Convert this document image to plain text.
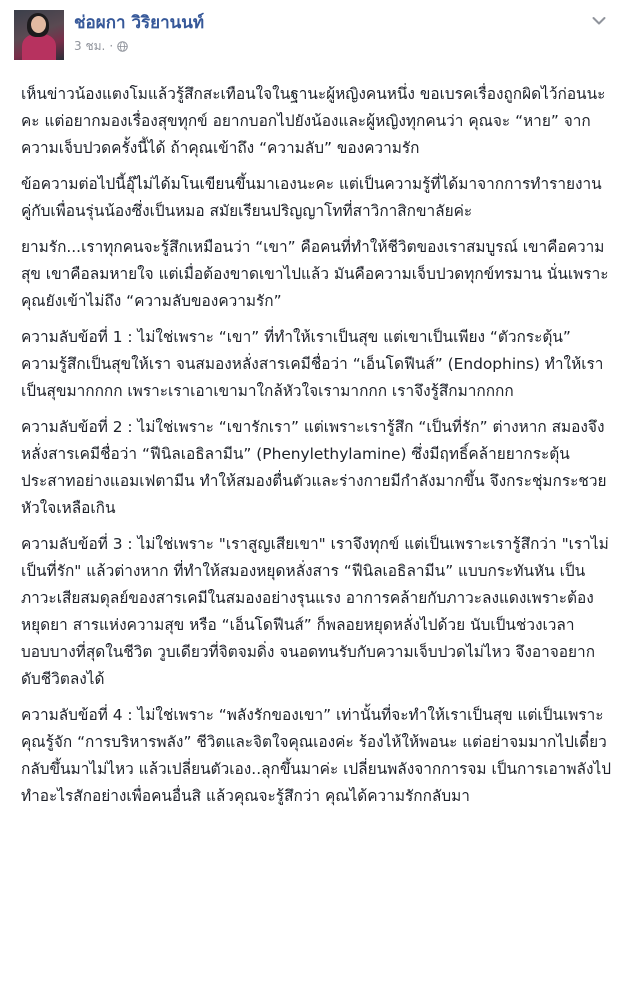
ช่อผกา วิริยานนท์
3 ชม. ·

เห็นข่าวน้องแตงโมแล้วรู้สึกสะเทือนใจในฐานะผู้หญิงคนหนึ่ง ขอเบรคเรื่องถูกผิดไว้ก่อนนะคะ แต่อยากมองเรื่องสุขทุกข์ อยากบอกไปยังน้องและผู้หญิงทุกคนว่า คุณจะ “หาย” จากความเจ็บปวดครั้งนี้ได้ ถ้าคุณเข้าถึง “ความลับ” ของความรัก

ข้อความต่อไปนี้อุ๊ไม่ได้มโนเขียนขึ้นมาเองนะคะ แต่เป็นความรู้ที่ได้มาจากการทำรายงานคู่กับเพื่อนรุ่นน้องซึ่งเป็นหมอ สมัยเรียนปริญญาโทที่สาวิกาสิกขาลัยค่ะ

ยามรัก...เราทุกคนจะรู้สึกเหมือนว่า “เขา” คือคนที่ทำให้ชีวิตของเราสมบูรณ์ เขาคือความสุข เขาคือลมหายใจ แต่เมื่อต้องขาดเขาไปแล้ว มันคือความเจ็บปวดทุกข์ทรมาน นั่นเพราะคุณยังเข้าไม่ถึง “ความลับของความรัก”

ความลับข้อที่ 1 : ไม่ใช่เพราะ “เขา” ที่ทำให้เราเป็นสุข แต่เขาเป็นเพียง “ตัวกระตุ้น” ความรู้สึกเป็นสุขให้เรา จนสมองหลั่งสารเคมีชื่อว่า “เอ็นโดฟีนส์” (Endophins) ทำให้เราเป็นสุขมากกกก เพราะเราเอาเขามาใกล้หัวใจเรามากกก เราจึงรู้สึกมากกกก

ความลับข้อที่ 2 : ไม่ใช่เพราะ “เขารักเรา” แต่เพราะเรารู้สึก “เป็นที่รัก” ต่างหาก สมองจึงหลั่งสารเคมีชื่อว่า “ฟีนิลเอธิลามีน” (Phenylethylamine) ซึ่งมีฤทธิ์คล้ายยากระตุ้นประสาทอย่างแอมเฟตามีน ทำให้สมองตื่นตัวและร่างกายมีกำลังมากขึ้น จึงกระชุ่มกระชวยหัวใจเหลือเกิน

ความลับข้อที่ 3 : ไม่ใช่เพราะ "เราสูญเสียเขา" เราจึงทุกข์ แต่เป็นเพราะเรารู้สึกว่า "เราไม่เป็นที่รัก" แล้วต่างหาก ที่ทำให้สมองหยุดหลั่งสาร “ฟีนิลเอธิลามีน” แบบกระทันหัน เป็นภาวะเสียสมดุลย์ของสารเคมีในสมองอย่างรุนแรง อาการคล้ายกับภาวะลงแดงเพราะต้องหยุดยา สารแห่งความสุข หรือ “เอ็นโดฟีนส์” ก็พลอยหยุดหลั่งไปด้วย นับเป็นช่วงเวลาบอบบางที่สุดในชีวิต วูบเดียวที่จิตจมดิ่ง จนอดทนรับกับความเจ็บปวดไม่ไหว จึงอาจอยากดับชีวิตลงได้

ความลับข้อที่ 4 : ไม่ใช่เพราะ “พลังรักของเขา” เท่านั้นที่จะทำให้เราเป็นสุข แต่เป็นเพราะคุณรู้จัก “การบริหารพลัง” ชีวิตและจิตใจคุณเองค่ะ ร้องไห้ให้พอนะ แต่อย่าจมมากไปเดี๋ยวกลับขึ้นมาไม่ไหว แล้วเปลี่ยนตัวเอง..ลุกขึ้นมาค่ะ เปลี่ยนพลังจากการจม เป็นการเอาพลังไปทำอะไรสักอย่างเพื่อคนอื่นสิ แล้วคุณจะรู้สึกว่า คุณได้ความรักกลับมา
